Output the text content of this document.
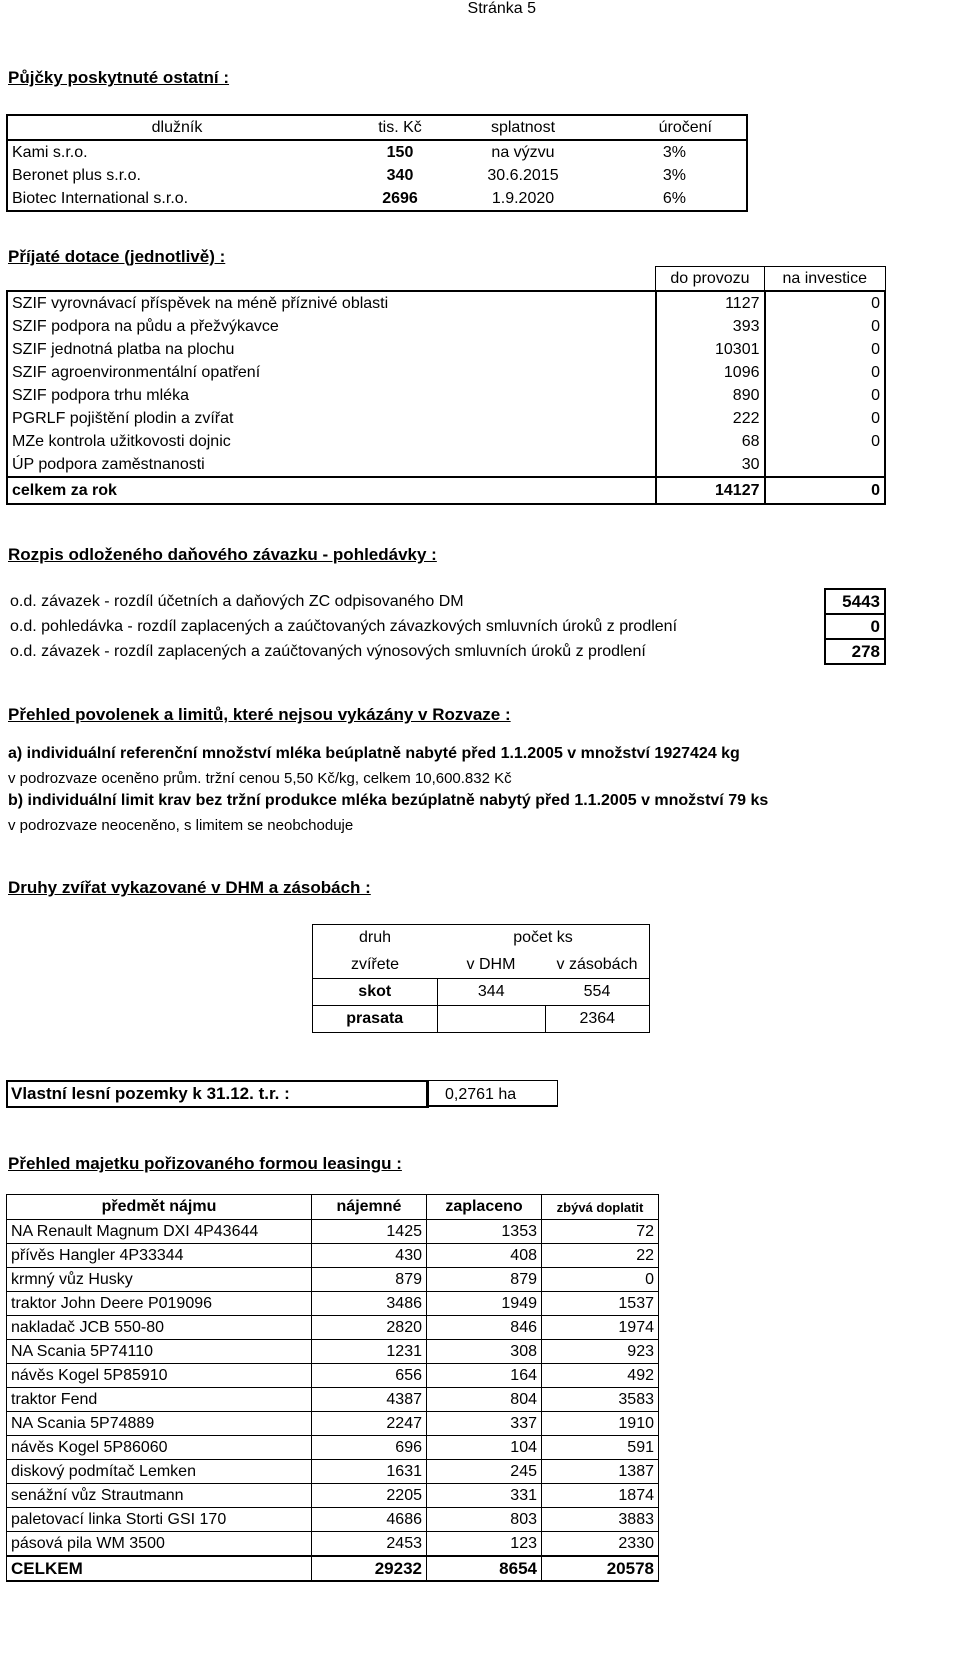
Stránka 5
Půjčky poskytnuté ostatní :
dlužník	tis. Kč	splatnost	úročení
Kami s.r.o.	150	na výzvu	3%
Beronet plus s.r.o.	340	30.6.2015	3%
Biotec International s.r.o.	2696	1.9.2020	6%
Příjaté dotace (jednotlivě) :
	do provozu	na investice
SZIF vyrovnávací příspěvek na méně příznivé oblasti	1127	0
SZIF podpora na půdu a přežvýkavce	393	0
SZIF jednotná platba na plochu	10301	0
SZIF agroenvironmentální opatření	1096	0
SZIF podpora trhu mléka	890	0
PGRLF pojištění plodin a zvířat	222	0
MZe kontrola užitkovosti dojnic	68	0
ÚP podpora zaměstnanosti	30	
celkem za rok	14127	0
Rozpis odloženého daňového závazku - pohledávky :
o.d. závazek - rozdíl účetních a daňových ZC odpisovaného DM	5443
o.d. pohledávka - rozdíl zaplacených a zaúčtovaných závazkových smluvních úroků z prodlení	0
o.d. závazek - rozdíl zaplacených a zaúčtovaných výnosových smluvních úroků z prodlení	278
Přehled povolenek a limitů, které nejsou vykázány v Rozvaze :
a) individuální referenční množství mléka beúplatně nabyté před 1.1.2005 v množství 1927424 kg
v podrozvaze oceněno prům. tržní cenou 5,50 Kč/kg, celkem 10,600.832 Kč
b) individuální limit krav bez tržní produkce mléka bezúplatně nabytý před 1.1.2005 v množství 79 ks
v podrozvaze neoceněno, s limitem se neobchoduje
Druhy zvířat vykazované v DHM a zásobách :
druh	počet ks	
zvířete	v DHM	v zásobách
skot	344	554
prasata		2364
Vlastní lesní pozemky k 31.12. t.r. :	0,2761 ha
Přehled majetku pořizovaného formou leasingu :
předmět nájmu	nájemné	zaplaceno	zbývá doplatit
NA Renault Magnum DXI 4P43644	1425	1353	72
přívěs Hangler 4P33344	430	408	22
krmný vůz Husky	879	879	0
traktor John Deere P019096	3486	1949	1537
nakladač JCB 550-80	2820	846	1974
NA Scania 5P74110	1231	308	923
návěs Kogel 5P85910	656	164	492
traktor Fend	4387	804	3583
NA Scania 5P74889	2247	337	1910
návěs Kogel 5P86060	696	104	591
diskový podmítač Lemken	1631	245	1387
senážní vůz Strautmann	2205	331	1874
paletovací linka Storti GSI 170	4686	803	3883
pásová pila WM 3500	2453	123	2330
CELKEM	29232	8654	20578
